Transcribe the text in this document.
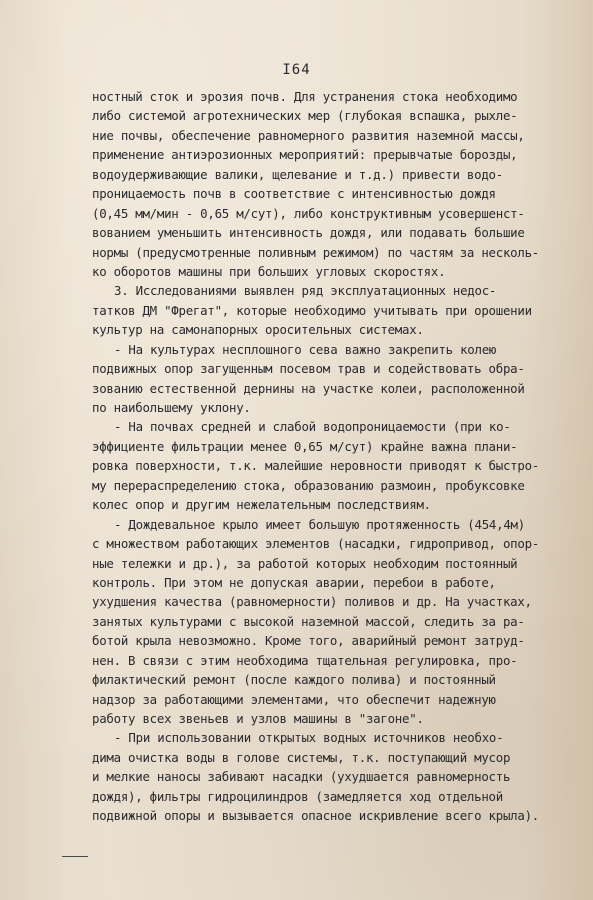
I64
ностный сток и эрозия почв. Для устранения стока необходимо
либо системой агротехнических мер (глубокая вспашка, рыхле-
ние почвы, обеспечение равномерного развития наземной массы,
применение антиэрозионных мероприятий: прерывчатые борозды,
водоудерживающие валики, щелевание и т.д.) привести водо-
проницаемость почв в соответствие с интенсивностью дождя
(0,45 мм/мин - 0,65 м/сут), либо конструктивным усовершенст-
вованием уменьшить интенсивность дождя, или подавать большие
нормы (предусмотренные поливным режимом) по частям за несколь-
ко оборотов машины при больших угловых скоростях.
3. Исследованиями выявлен ряд эксплуатационных недос-
татков ДМ "Фрегат", которые необходимо учитывать при орошении
культур на самонапорных оросительных системах.
- На культурах несплошного сева важно закрепить колею
подвижных опор загущенным посевом трав и содействовать обра-
зованию естественной дернины на участке колеи, расположенной
по наибольшему уклону.
- На почвах средней и слабой водопроницаемости (при ко-
эффициенте фильтрации менее 0,65 м/сут) крайне важна плани-
ровка поверхности, т.к. малейшие неровности приводят к быстро-
му перераспределению стока, образованию размоин, пробуксовке
колес опор и другим нежелательным последствиям.
- Дождевальное крыло имеет большую протяженность (454,4м)
с множеством работающих элементов (насадки, гидропривод, опор-
ные тележки и др.), за работой которых необходим постоянный
контроль. При этом не допуская аварии, перебои в работе,
ухудшения качества (равномерности) поливов и др. На участках,
занятых культурами с высокой наземной массой, следить за ра-
ботой крыла невозможно. Кроме того, аварийный ремонт затруд-
нен. В связи с этим необходима тщательная регулировка, про-
филактический ремонт (после каждого полива) и постоянный
надзор за работающими элементами, что обеспечит надежную
работу всех звеньев и узлов машины в "загоне".
- При использовании открытых водных источников необхо-
дима очистка воды в голове системы, т.к. поступающий мусор
и мелкие наносы забивают насадки (ухудшается равномерность
дождя), фильтры гидроцилиндров (замедляется ход отдельной
подвижной опоры и вызывается опасное искривление всего крыла).
